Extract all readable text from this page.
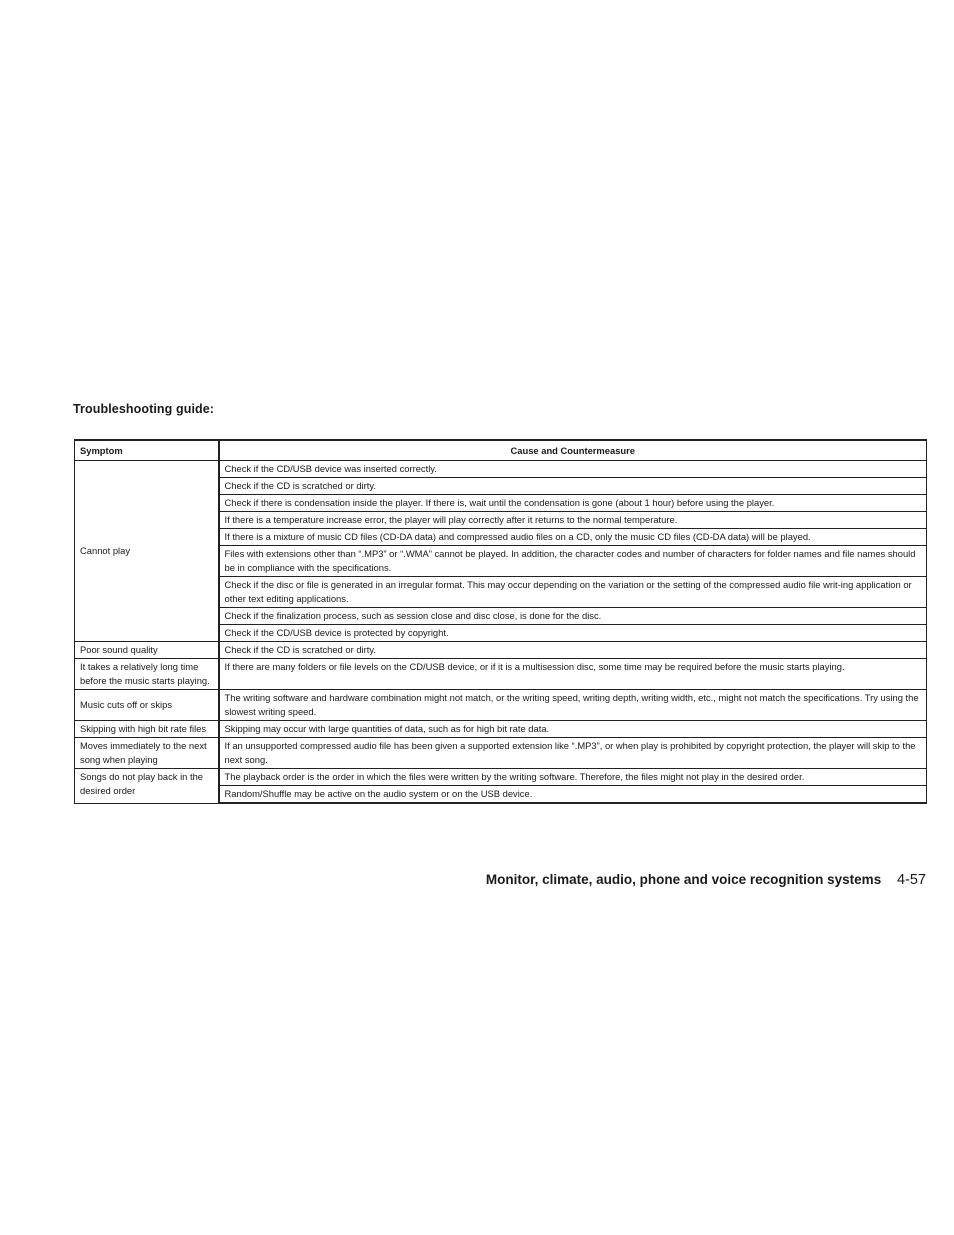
Troubleshooting guide:
Symptom	Cause and Countermeasure
Cannot play	Check if the CD/USB device was inserted correctly.
	Check if the CD is scratched or dirty.
	Check if there is condensation inside the player. If there is, wait until the condensation is gone (about 1 hour) before using the player.
	If there is a temperature increase error, the player will play correctly after it returns to the normal temperature.
	If there is a mixture of music CD files (CD-DA data) and compressed audio files on a CD, only the music CD files (CD-DA data) will be played.
	Files with extensions other than “.MP3” or “.WMA” cannot be played. In addition, the character codes and number of characters for folder names and file names should be in compliance with the specifications.
	Check if the disc or file is generated in an irregular format. This may occur depending on the variation or the setting of the compressed audio file writ-ing application or other text editing applications.
	Check if the finalization process, such as session close and disc close, is done for the disc.
	Check if the CD/USB device is protected by copyright.
Poor sound quality	Check if the CD is scratched or dirty.
It takes a relatively long time before the music starts playing.	If there are many folders or file levels on the CD/USB device, or if it is a multisession disc, some time may be required before the music starts playing.
Music cuts off or skips	The writing software and hardware combination might not match, or the writing speed, writing depth, writing width, etc., might not match the specifications. Try using the slowest writing speed.
Skipping with high bit rate files	Skipping may occur with large quantities of data, such as for high bit rate data.
Moves immediately to the next song when playing	If an unsupported compressed audio file has been given a supported extension like “.MP3”, or when play is prohibited by copyright protection, the player will skip to the next song.
Songs do not play back in the desired order	The playback order is the order in which the files were written by the writing software. Therefore, the files might not play in the desired order.
	Random/Shuffle may be active on the audio system or on the USB device.
Monitor, climate, audio, phone and voice recognition systems 4-57
